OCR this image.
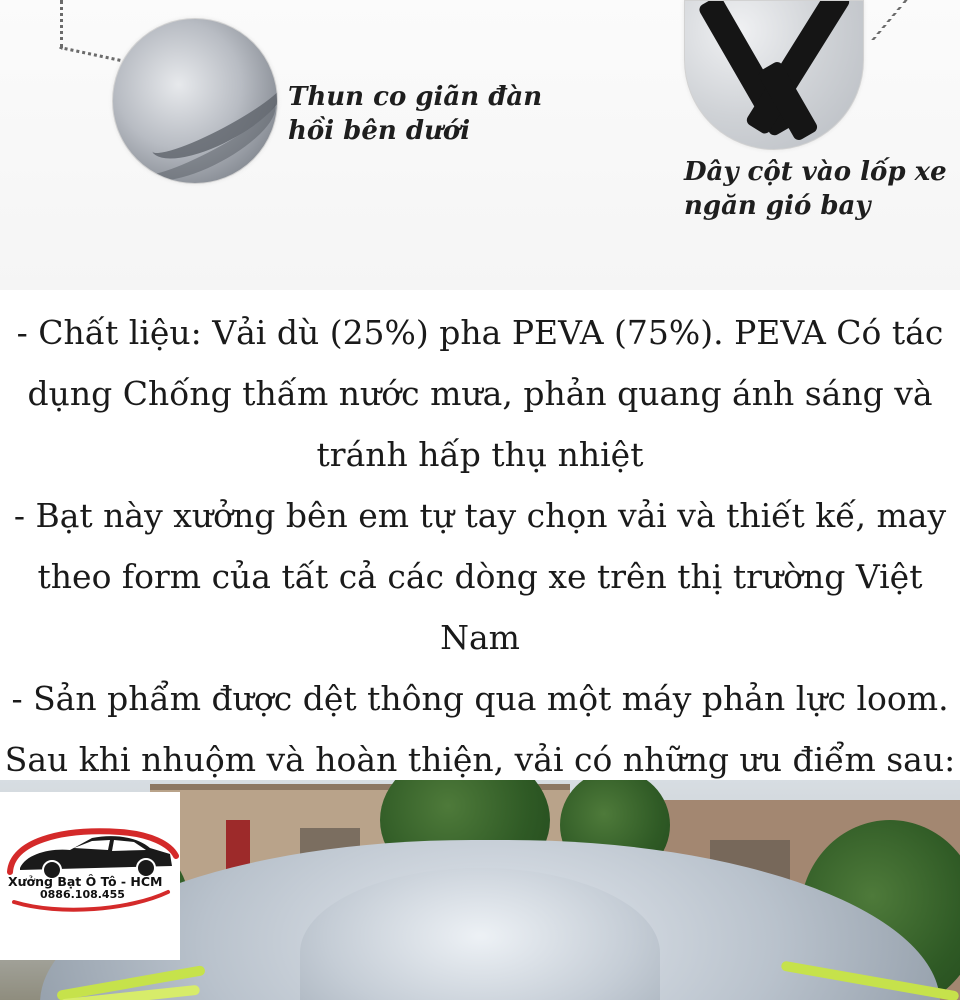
Thun co giãn đàn
hồi bên dưới

Dây cột vào lốp xe
ngăn gió bay

- Chất liệu: Vải dù (25%) pha PEVA (75%). PEVA Có tác

dụng Chống thấm nước mưa, phản quang ánh sáng và

tránh hấp thụ nhiệt

- Bạt này xưởng bên em tự tay chọn vải và thiết kế, may

theo form của tất cả các dòng xe trên thị trường Việt Nam

- Sản phẩm được dệt thông qua một máy phản lực loom.

Sau khi nhuộm và hoàn thiện, vải có những ưu điểm sau:

Xưởng Bạt Ô Tô - HCM
0886.108.455
